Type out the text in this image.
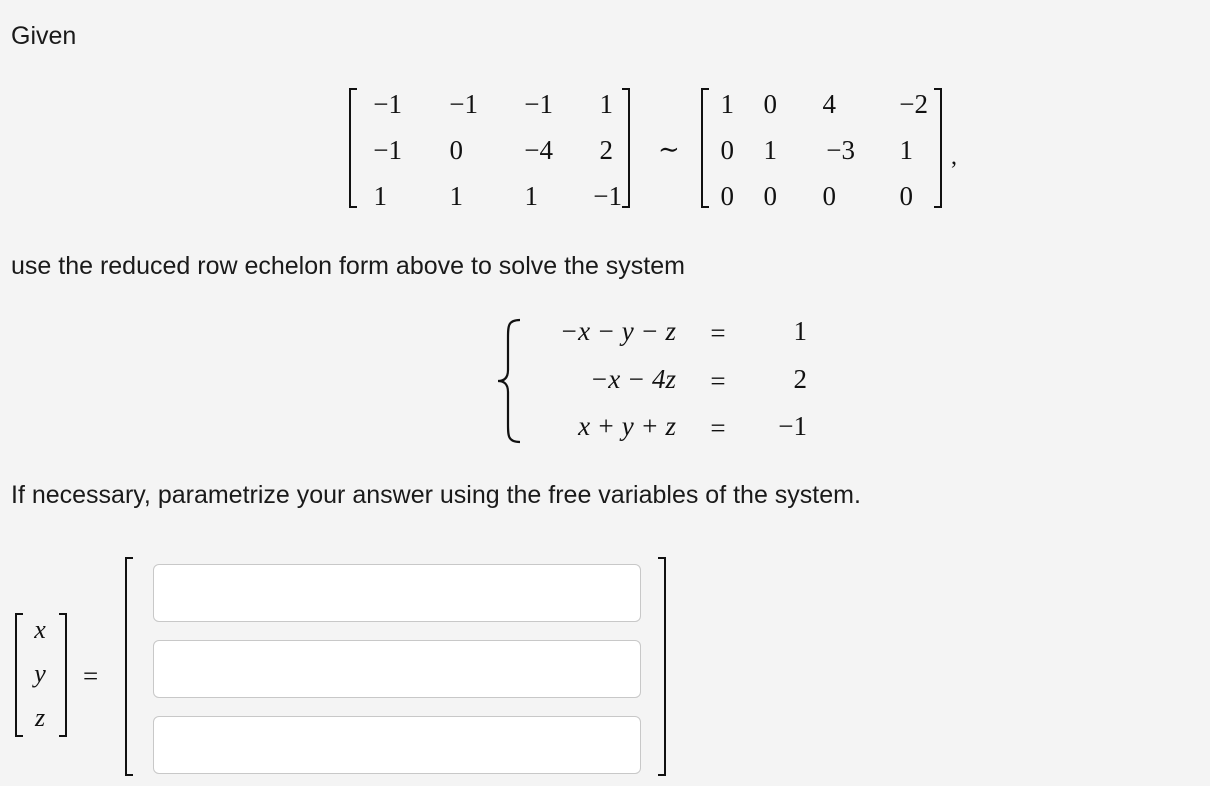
Given
−1	−1	−1	1
−1	0	−4	2
1	1	1	−1
∼
1	0	4	−2
0	1	−3	1
0	0	0	0
,
use the reduced row echelon form above to solve the system
−x − y − z =	1
−x − 4z =	2
x + y + z =	−1
If necessary, parametrize your answer using the free variables of the system.
x
y
z
=
